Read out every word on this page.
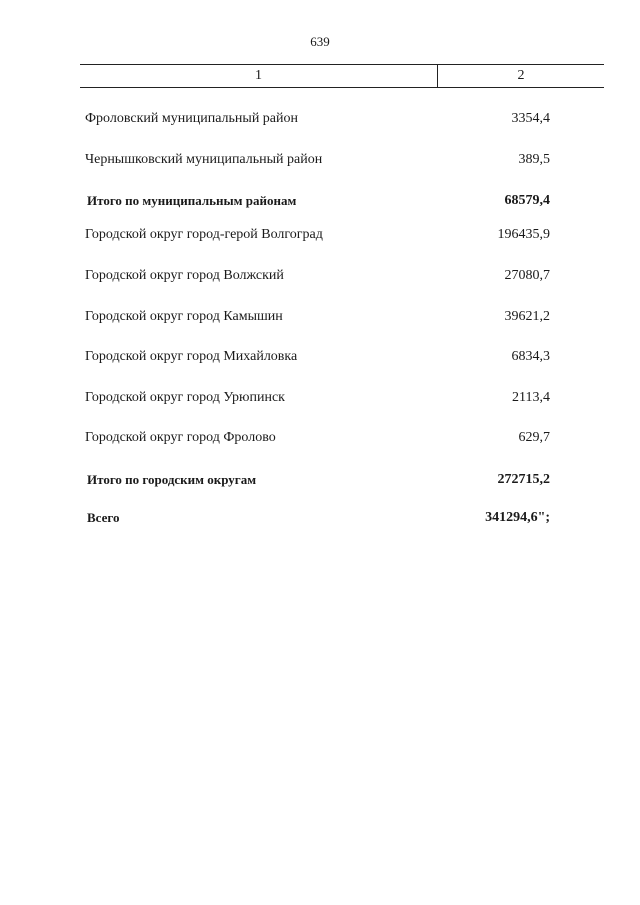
639
1	2
Фроловский муниципальный район	3354,4
Чернышковский муниципальный район	389,5
Итого по муниципальным районам	68579,4
Городской округ город-герой Волгоград	196435,9
Городской округ город Волжский	27080,7
Городской округ город Камышин	39621,2
Городской округ город Михайловка	6834,3
Городской округ город Урюпинск	2113,4
Городской округ город Фролово	629,7
Итого по городским округам	272715,2
Всего	341294,6";
